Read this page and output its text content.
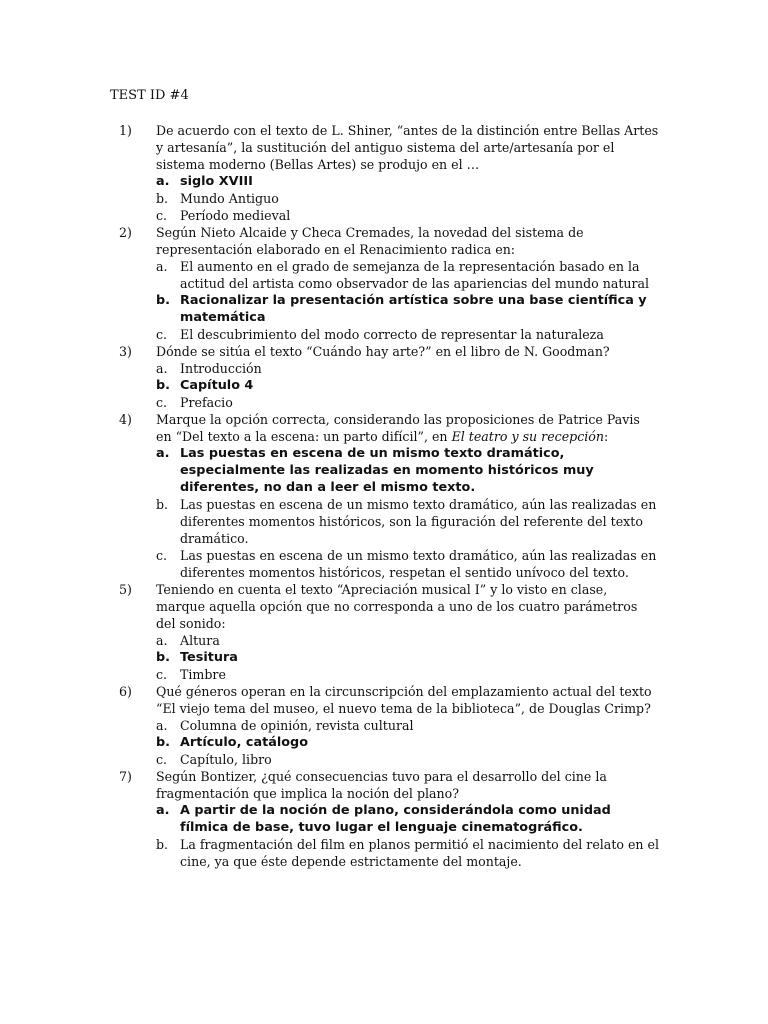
TEST ID #4
1) De acuerdo con el texto de L. Shiner, “antes de la distinción entre Bellas Artes y artesanía”, la sustitución del antiguo sistema del arte/artesanía por el sistema moderno (Bellas Artes) se produjo en el …
a. siglo XVIII
b. Mundo Antiguo
c. Período medieval
2) Según Nieto Alcaide y Checa Cremades, la novedad del sistema de representación elaborado en el Renacimiento radica en:
a. El aumento en el grado de semejanza de la representación basado en la actitud del artista como observador de las apariencias del mundo natural
b. Racionalizar la presentación artística sobre una base científica y matemática
c. El descubrimiento del modo correcto de representar la naturaleza
3) Dónde se sitúa el texto “Cuándo hay arte?” en el libro de N. Goodman?
a. Introducción
b. Capítulo 4
c. Prefacio
4) Marque la opción correcta, considerando las proposiciones de Patrice Pavis en “Del texto a la escena: un parto difícil”, en El teatro y su recepción:
a. Las puestas en escena de un mismo texto dramático, especialmente las realizadas en momento históricos muy diferentes, no dan a leer el mismo texto.
b. Las puestas en escena de un mismo texto dramático, aún las realizadas en diferentes momentos históricos, son la figuración del referente del texto dramático.
c. Las puestas en escena de un mismo texto dramático, aún las realizadas en diferentes momentos históricos, respetan el sentido unívoco del texto.
5) Teniendo en cuenta el texto “Apreciación musical I” y lo visto en clase, marque aquella opción que no corresponda a uno de los cuatro parámetros del sonido:
a. Altura
b. Tesitura
c. Timbre
6) Qué géneros operan en la circunscripción del emplazamiento actual del texto “El viejo tema del museo, el nuevo tema de la biblioteca”, de Douglas Crimp?
a. Columna de opinión, revista cultural
b. Artículo, catálogo
c. Capítulo, libro
7) Según Bontizer, ¿qué consecuencias tuvo para el desarrollo del cine la fragmentación que implica la noción del plano?
a. A partir de la noción de plano, considerándola como unidad fílmica de base, tuvo lugar el lenguaje cinematográfico.
b. La fragmentación del film en planos permitió el nacimiento del relato en el cine, ya que éste depende estrictamente del montaje.
